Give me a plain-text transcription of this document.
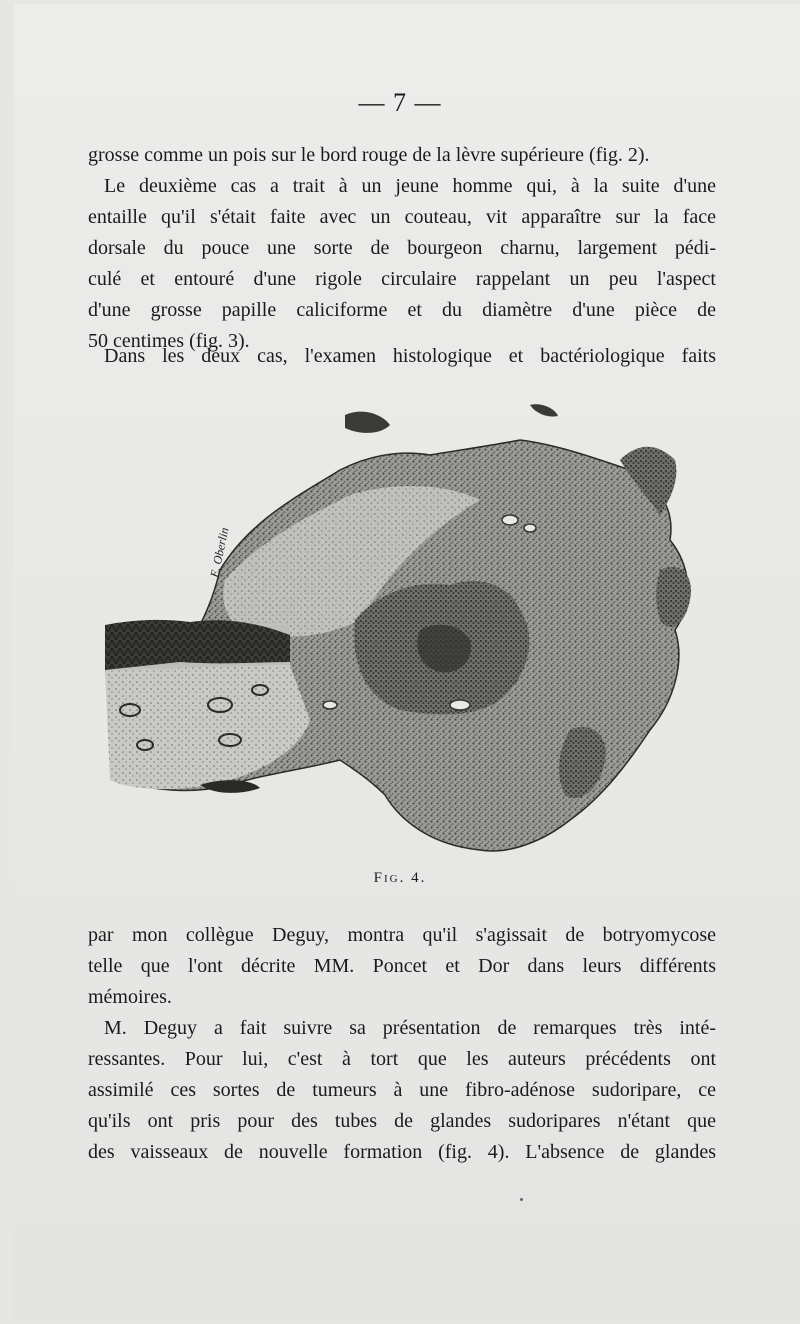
— 7 —
grosse comme un pois sur le bord rouge de la lèvre supérieure (fig. 2).
Le deuxième cas a trait à un jeune homme qui, à la suite d'une
entaille qu'il s'était faite avec un couteau, vit apparaître sur la face
dorsale du pouce une sorte de bourgeon charnu, largement pédi-
culé et entouré d'une rigole circulaire rappelant un peu l'aspect
d'une grosse papille caliciforme et du diamètre d'une pièce de
50 centimes (fig. 3).
Dans les deux cas, l'examen histologique et bactériologique faits
E. Oberlin
Fig. 4.
par mon collègue Deguy, montra qu'il s'agissait de botryomycose
telle que l'ont décrite MM. Poncet et Dor dans leurs différents
mémoires.
M. Deguy a fait suivre sa présentation de remarques très inté-
ressantes. Pour lui, c'est à tort que les auteurs précédents ont
assimilé ces sortes de tumeurs à une fibro-adénose sudoripare, ce
qu'ils ont pris pour des tubes de glandes sudoripares n'étant que
des vaisseaux de nouvelle formation (fig. 4). L'absence de glandes
